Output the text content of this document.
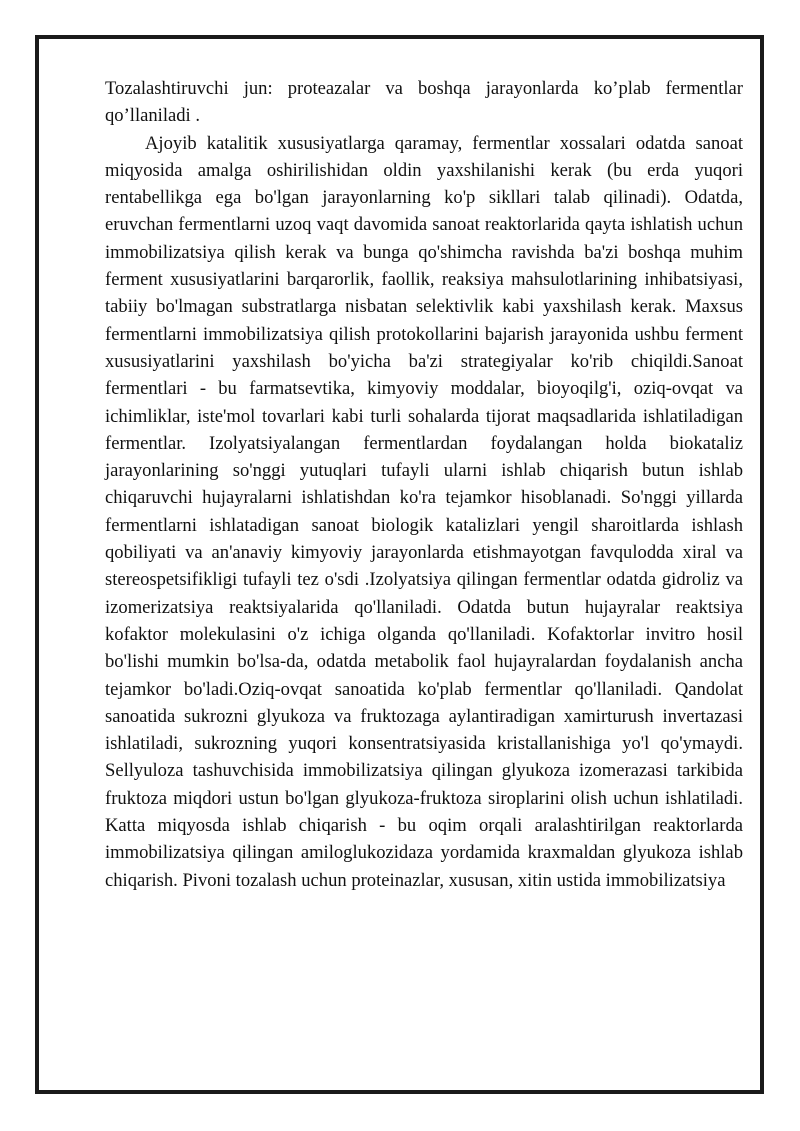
Tozalashtiruvchi jun: proteazalar va boshqa jarayonlarda ko’plab fermentlar qo’llaniladi .

Ajoyib katalitik xususiyatlarga qaramay, fermentlar xossalari odatda sanoat miqyosida amalga oshirilishidan oldin yaxshilanishi kerak (bu erda yuqori rentabellikga ega bo'lgan jarayonlarning ko'p sikllari talab qilinadi). Odatda, eruvchan fermentlarni uzoq vaqt davomida sanoat reaktorlarida qayta ishlatish uchun immobilizatsiya qilish kerak va bunga qo'shimcha ravishda ba'zi boshqa muhim ferment xususiyatlarini barqarorlik, faollik, reaksiya mahsulotlarining inhibatsiyasi, tabiiy bo'lmagan substratlarga nisbatan selektivlik kabi yaxshilash kerak. Maxsus fermentlarni immobilizatsiya qilish protokollarini bajarish jarayonida ushbu ferment xususiyatlarini yaxshilash bo'yicha ba'zi strategiyalar ko'rib chiqildi.Sanoat fermentlari - bu farmatsevtika, kimyoviy moddalar, bioyoqilg'i, oziq-ovqat va ichimliklar, iste'mol tovarlari kabi turli sohalarda tijorat maqsadlarida ishlatiladigan fermentlar. Izolyatsiyalangan fermentlardan foydalangan holda biokataliz jarayonlarining so'nggi yutuqlari tufayli ularni ishlab chiqarish butun ishlab chiqaruvchi hujayralarni ishlatishdan ko'ra tejamkor hisoblanadi. So'nggi yillarda fermentlarni ishlatadigan sanoat biologik katalizlari yengil sharoitlarda ishlash qobiliyati va an'anaviy kimyoviy jarayonlarda etishmayotgan favqulodda xiral va stereospetsifikligi tufayli tez o'sdi .Izolyatsiya qilingan fermentlar odatda gidroliz va izomerizatsiya reaktsiyalarida qo'llaniladi. Odatda butun hujayralar reaktsiya kofaktor molekulasini o'z ichiga olganda qo'llaniladi. Kofaktorlar invitro hosil bo'lishi mumkin bo'lsa-da, odatda metabolik faol hujayralardan foydalanish ancha tejamkor bo'ladi.Oziq-ovqat sanoatida ko'plab fermentlar qo'llaniladi. Qandolat sanoatida sukrozni glyukoza va fruktozaga aylantiradigan xamirturush invertazasi ishlatiladi, sukrozning yuqori konsentratsiyasida kristallanishiga yo'l qo'ymaydi. Sellyuloza tashuvchisida immobilizatsiya qilingan glyukoza izomerazasi tarkibida fruktoza miqdori ustun bo'lgan glyukoza-fruktoza siroplarini olish uchun ishlatiladi. Katta miqyosda ishlab chiqarish - bu oqim orqali aralashtirilgan reaktorlarda immobilizatsiya qilingan amiloglukozidaza yordamida kraxmaldan glyukoza ishlab chiqarish. Pivoni tozalash uchun proteinazlar, xususan, xitin ustida immobilizatsiya
